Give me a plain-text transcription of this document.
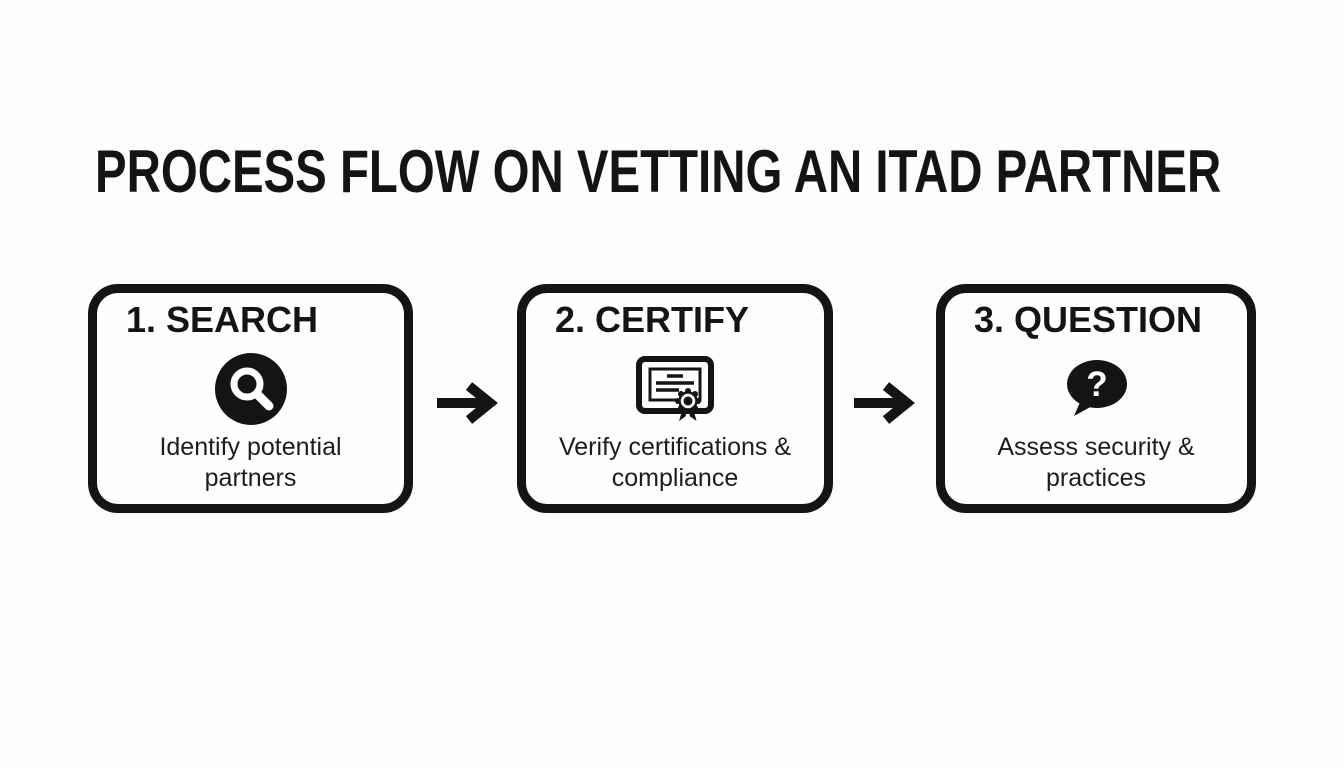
PROCESS FLOW ON VETTING AN ITAD PARTNER
1. SEARCH
Identify potential
partners
2. CERTIFY
Verify certifications &
compliance
3. QUESTION
?
Assess security &
practices
